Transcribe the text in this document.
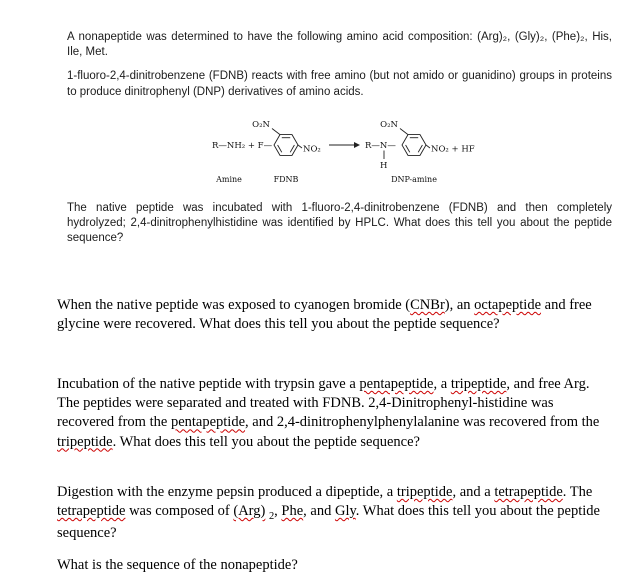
A nonapeptide was determined to have the following amino acid composition: (Arg)₂, (Gly)₂, (Phe)₂, His, Ile, Met.

1-fluoro-2,4-dinitrobenzene (FDNB) reacts with free amino (but not amido or guanidino) groups in proteins to produce dinitrophenyl (DNP) derivatives of amino acids.

R—NH₂ + F—
O₂N
NO₂	R—N—
H
O₂N
NO₂ + HF
Amine	FDNB	DNP-amine

The native peptide was incubated with 1-fluoro-2,4-dinitrobenzene (FDNB) and then completely hydrolyzed; 2,4-dinitrophenylhistidine was identified by HPLC. What does this tell you about the peptide sequence?

When the native peptide was exposed to cyanogen bromide (CNBr), an octapeptide and free glycine were recovered. What does this tell you about the peptide sequence?

Incubation of the native peptide with trypsin gave a pentapeptide, a tripeptide, and free Arg. The peptides were separated and treated with FDNB. 2,4-Dinitrophenyl-histidine was recovered from the pentapeptide, and 2,4-dinitrophenylphenylalanine was recovered from the tripeptide. What does this tell you about the peptide sequence?

Digestion with the enzyme pepsin produced a dipeptide, a tripeptide, and a tetrapeptide. The tetrapeptide was composed of (Arg) $_2$, Phe, and Gly. What does this tell you about the peptide sequence?

What is the sequence of the nonapeptide?
